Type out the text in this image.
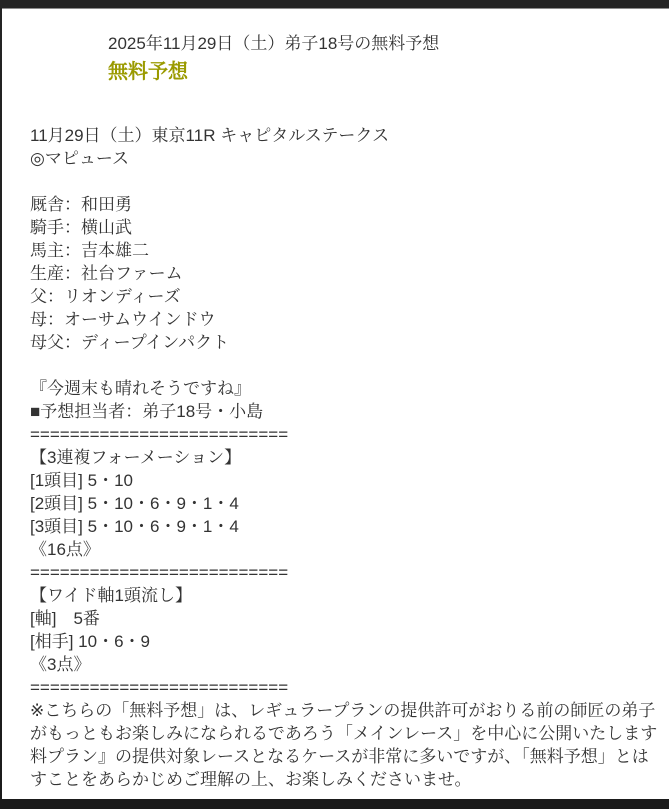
2025年11月29日（土）弟子18号の無料予想
無料予想
11月29日（土）東京11R キャピタルステークス
◎マピュース
厩舎：和田勇
騎手：横山武
馬主：吉本雄二
生産：社台ファーム
父：リオンディーズ
母：オーサムウインドウ
母父：ディープインパクト
『今週末も晴れそうですね』
■予想担当者：弟子18号・小島
==========================
【3連複フォーメーション】
[1頭目] 5・10
[2頭目] 5・10・6・9・1・4
[3頭目] 5・10・6・9・1・4
《16点》
==========================
【ワイド軸1頭流し】
[軸]　5番
[相手] 10・6・9
《3点》
==========================
※こちらの「無料予想」は、レギュラープランの提供許可がおりる前の師匠の弟子
がもっともお楽しみになられるであろう「メインレース」を中心に公開いたします
料プラン』の提供対象レースとなるケースが非常に多いですが、「無料予想」とは
すことをあらかじめご理解の上、お楽しみくださいませ。
